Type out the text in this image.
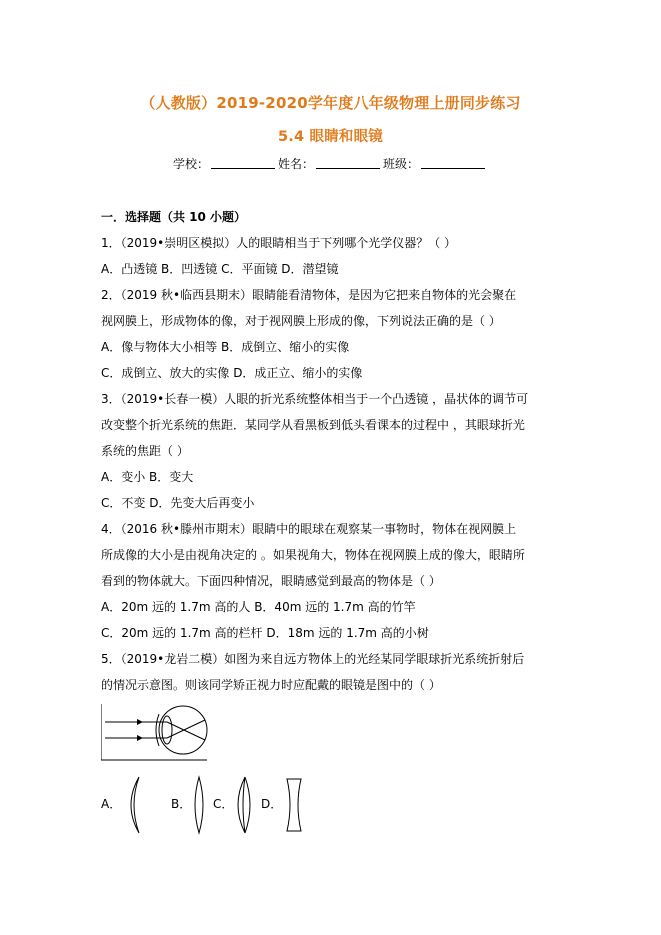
（人教版）2019-2020学年度八年级物理上册同步练习
5.4 眼睛和眼镜
学校：	姓名：	班级：
一．选择题（共 10 小题）
1．（2019•崇明区模拟）人的眼睛相当于下列哪个光学仪器？（ ）
A．凸透镜 B．凹透镜 C．平面镜 D．潜望镜
2．（2019 秋•临西县期末）眼睛能看清物体，是因为它把来自物体的光会聚在
视网膜上，形成物体的像，对于视网膜上形成的像，下列说法正确的是（ ）
A．像与物体大小相等 B．成倒立、缩小的实像
C．成倒立、放大的实像 D．成正立、缩小的实像
3．（2019•长春一模）人眼的折光系统整体相当于一个凸透镜 ，晶状体的调节可
改变整个折光系统的焦距．某同学从看黑板到低头看课本的过程中 ，其眼球折光
系统的焦距（ ）
A．变小 B．变大
C．不变 D．先变大后再变小
4．（2016 秋•滕州市期末）眼睛中的眼球在观察某一事物时，物体在视网膜上
所成像的大小是由视角决定的 。如果视角大，物体在视网膜上成的像大，眼睛所
看到的物体就大。下面四种情况，眼睛感觉到最高的物体是（ ）
A．20m 远的 1.7m 高的人 B．40m 远的 1.7m 高的竹竿
C．20m 远的 1.7m 高的栏杆 D．18m 远的 1.7m 高的小树
5．（2019•龙岩二模）如图为来自远方物体上的光经某同学眼球折光系统折射后
的情况示意图。则该同学矫正视力时应配戴的眼镜是图中的（ ）
A．	B． C． D．
